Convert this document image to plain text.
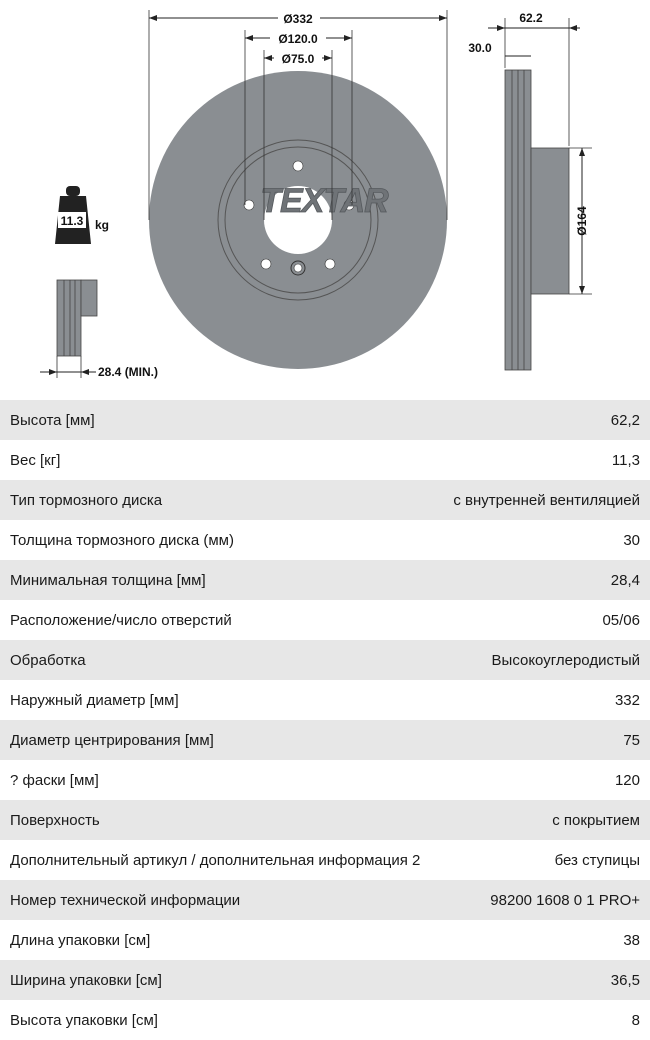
TEXTAR
Ø332
Ø120.0
Ø75.0
62.2
30.0
Ø164
11.3 kg
28.4 (MIN.)
Высота [мм]	62,2
Вес [кг]	11,3
Тип тормозного диска	с внутренней вентиляцией
Толщина тормозного диска (мм)	30
Минимальная толщина [мм]	28,4
Расположение/число отверстий	05/06
Обработка	Высокоуглеродистый
Наружный диаметр [мм]	332
Диаметр центрирования [мм]	75
? фаски [мм]	120
Поверхность	с покрытием
Дополнительный артикул / дополнительная информация 2	без ступицы
Номер технической информации	98200 1608 0 1 PRO+
Длина упаковки [см]	38
Ширина упаковки [см]	36,5
Высота упаковки [см]	8
